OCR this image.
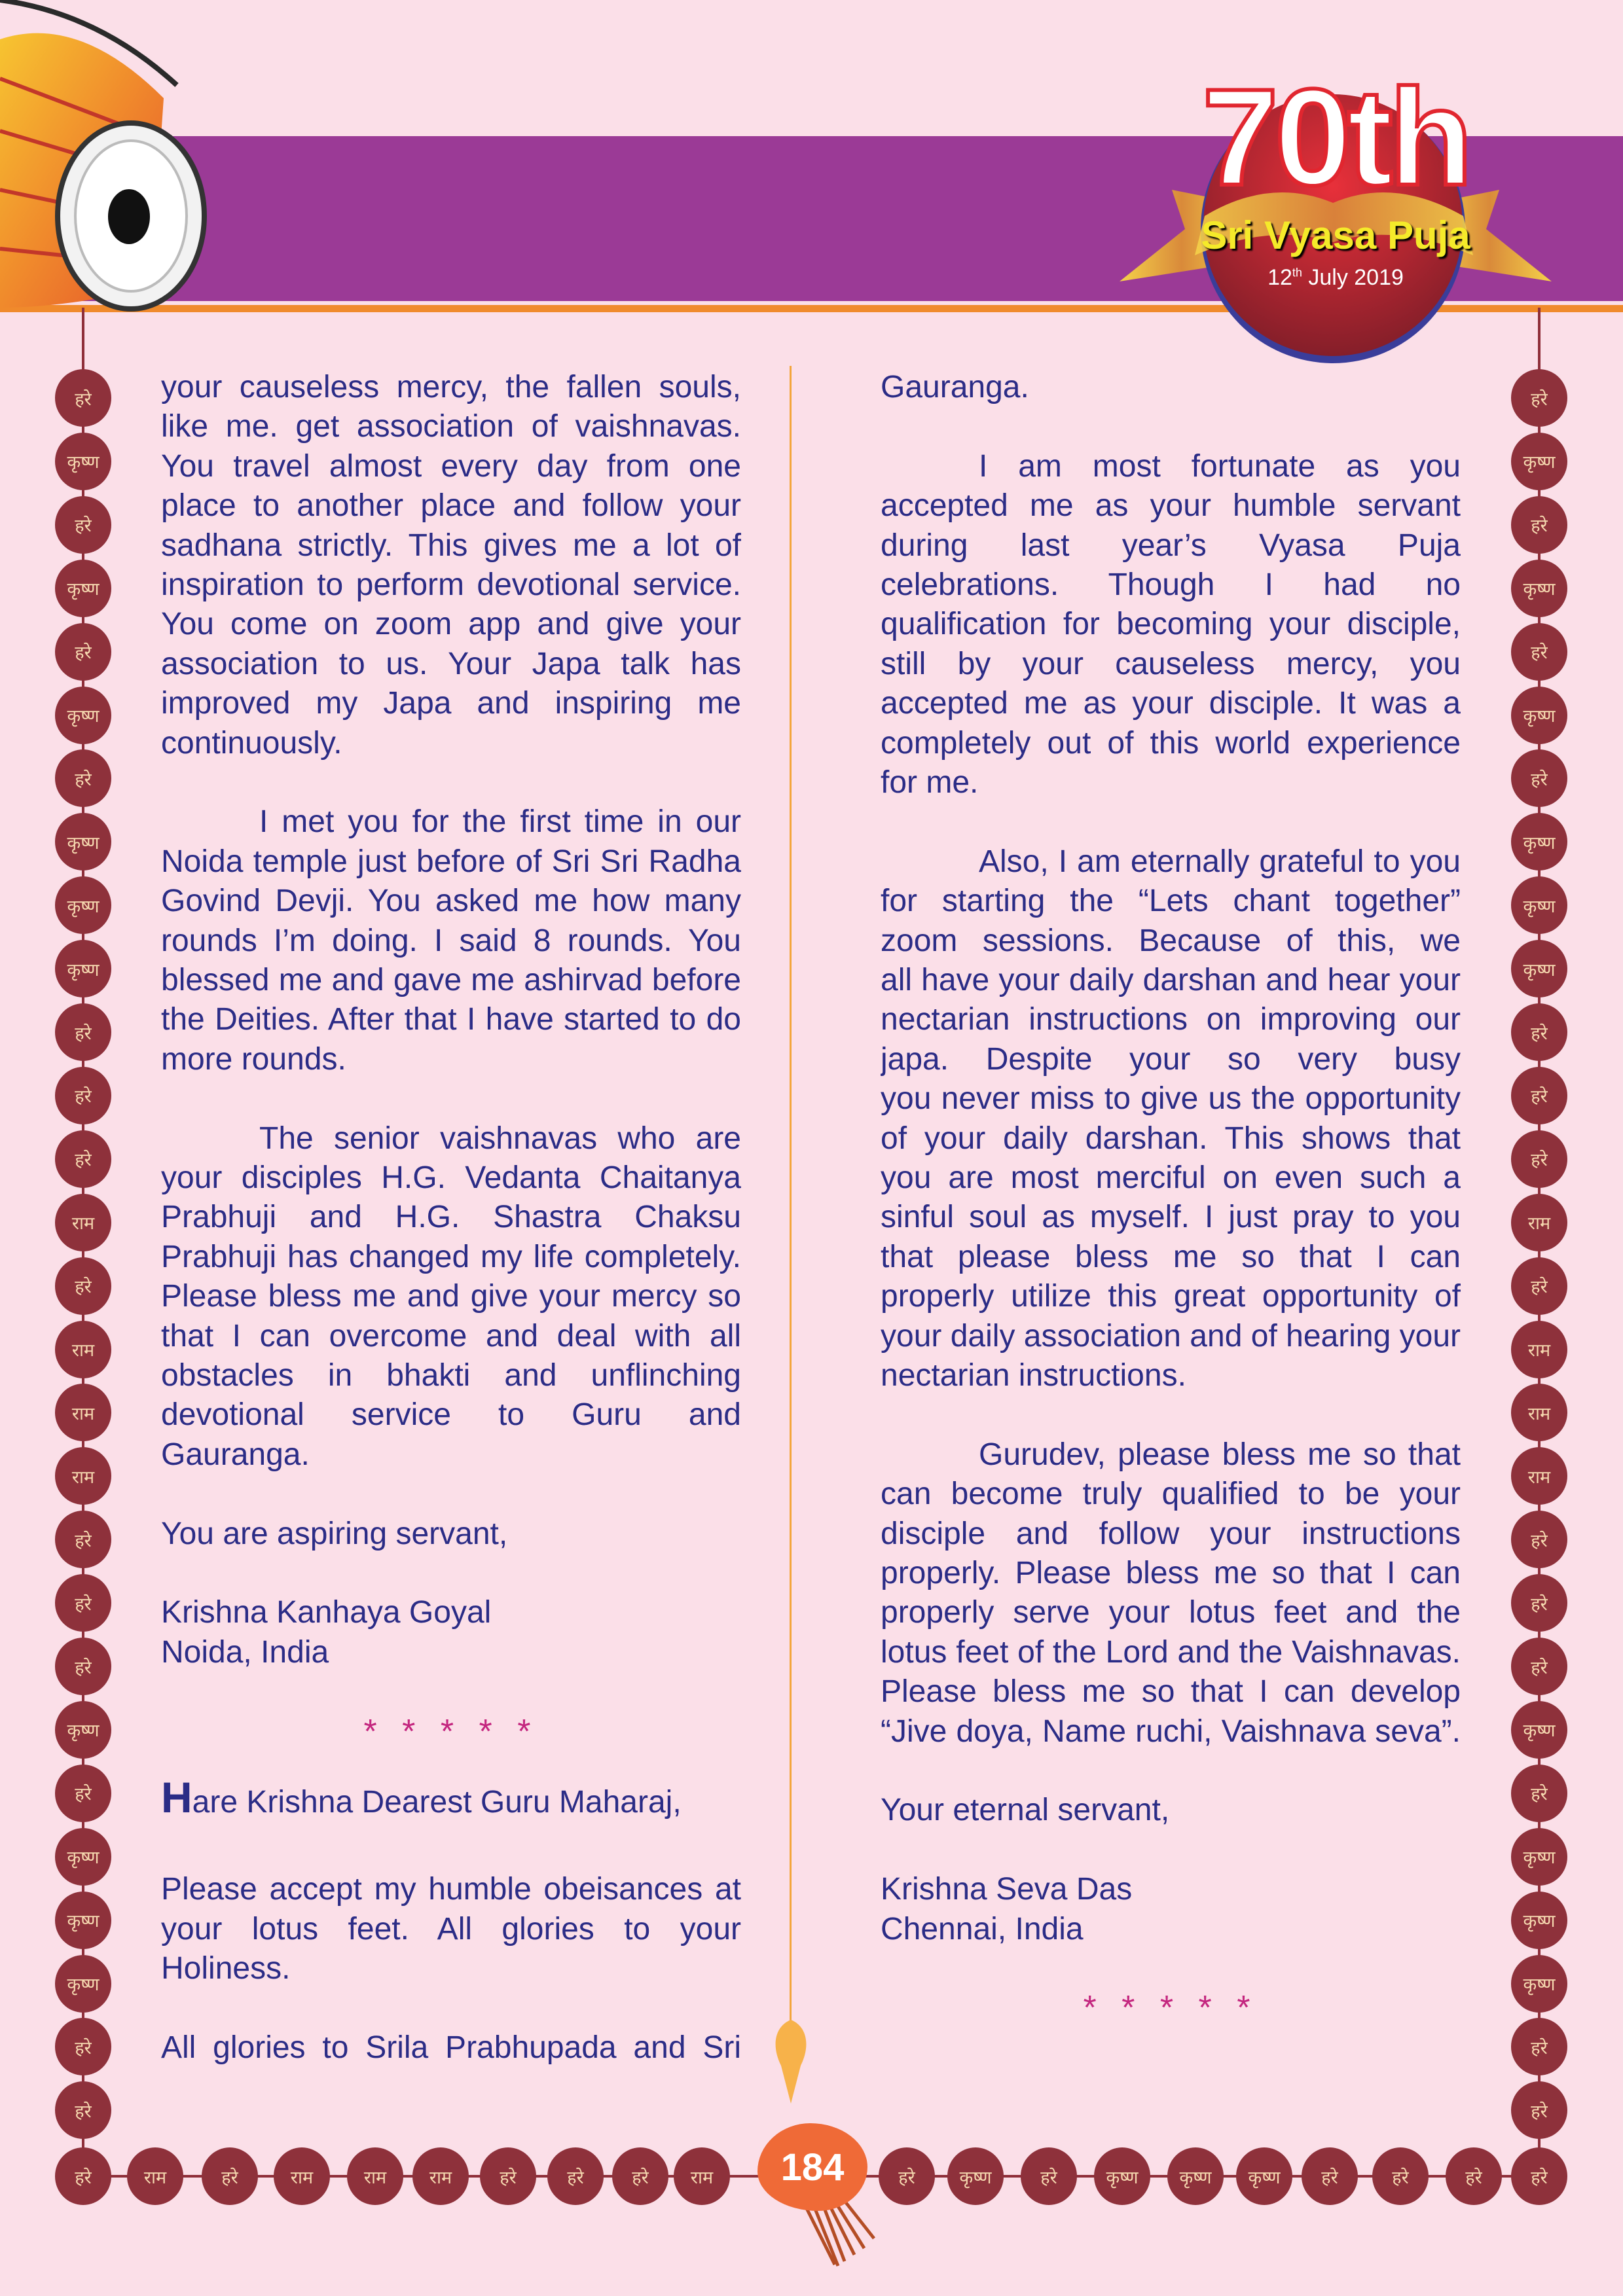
70th
Sri Vyasa Puja
12th July 2019
हरे
कृष्ण
हरे
कृष्ण
हरे
कृष्ण
हरे
कृष्ण
कृष्ण
कृष्ण
हरे
हरे
हरे
राम
हरे
राम
राम
राम
हरे
हरे
हरे
कृष्ण
हरे
कृष्ण
कृष्ण
कृष्ण
हरे
हरे
हरे
कृष्ण
हरे
कृष्ण
हरे
कृष्ण
हरे
कृष्ण
कृष्ण
कृष्ण
हरे
हरे
हरे
राम
हरे
राम
राम
राम
हरे
हरे
हरे
कृष्ण
हरे
कृष्ण
कृष्ण
कृष्ण
हरे
हरे
हरे	राम	हरे	राम	राम	राम	हरे	हरे	हरे	राम	हरे	कृष्ण	हरे	कृष्ण	कृष्ण	कृष्ण	हरे	हरे	हरे	हरे
184
your causeless mercy, the fallen souls,
like me. get association of vaishnavas.
You travel almost every day from one
place to another place and follow your
sadhana strictly. This gives me a lot of
inspiration to perform devotional service.
You come on zoom app and give your
association to us. Your Japa talk has
improved my Japa and inspiring me
continuously.
I met you for the first time in our
Noida temple just before of Sri Sri Radha
Govind Devji. You asked me how many
rounds I’m doing. I said 8 rounds. You
blessed me and gave me ashirvad before
the Deities. After that I have started to do
more rounds.
The senior vaishnavas who are
your disciples H.G. Vedanta Chaitanya
Prabhuji and H.G. Shastra Chaksu
Prabhuji has changed my life completely.
Please bless me and give your mercy so
that I can overcome and deal with all
obstacles in bhakti and unflinching
devotional service to Guru and
Gauranga.
You are aspiring servant,
Krishna Kanhaya Goyal
Noida, India
* * * * *
Hare Krishna Dearest Guru Maharaj,
Please accept my humble obeisances at
your lotus feet. All glories to your
Holiness.
All glories to Srila Prabhupada and Sri
Gauranga.
I am most fortunate as you
accepted me as your humble servant
during last year’s Vyasa Puja
celebrations. Though I had no
qualification for becoming your disciple,
still by your causeless mercy, you
accepted me as your disciple. It was a
completely out of this world experience
for me.
Also, I am eternally grateful to you
for starting the “Lets chant together”
zoom sessions. Because of this, we
all have your daily darshan and hear your
nectarian instructions on improving our
japa. Despite your so very busy
you never miss to give us the opportunity
of your daily darshan. This shows that
you are most merciful on even such a
sinful soul as myself. I just pray to you
that please bless me so that I can
properly utilize this great opportunity of
your daily association and of hearing your
nectarian instructions.
Gurudev, please bless me so that
can become truly qualified to be your
disciple and follow your instructions
properly. Please bless me so that I can
properly serve your lotus feet and the
lotus feet of the Lord and the Vaishnavas.
Please bless me so that I can develop
“Jive doya, Name ruchi, Vaishnava seva”.
Your eternal servant,
Krishna Seva Das
Chennai, India
* * * * *
